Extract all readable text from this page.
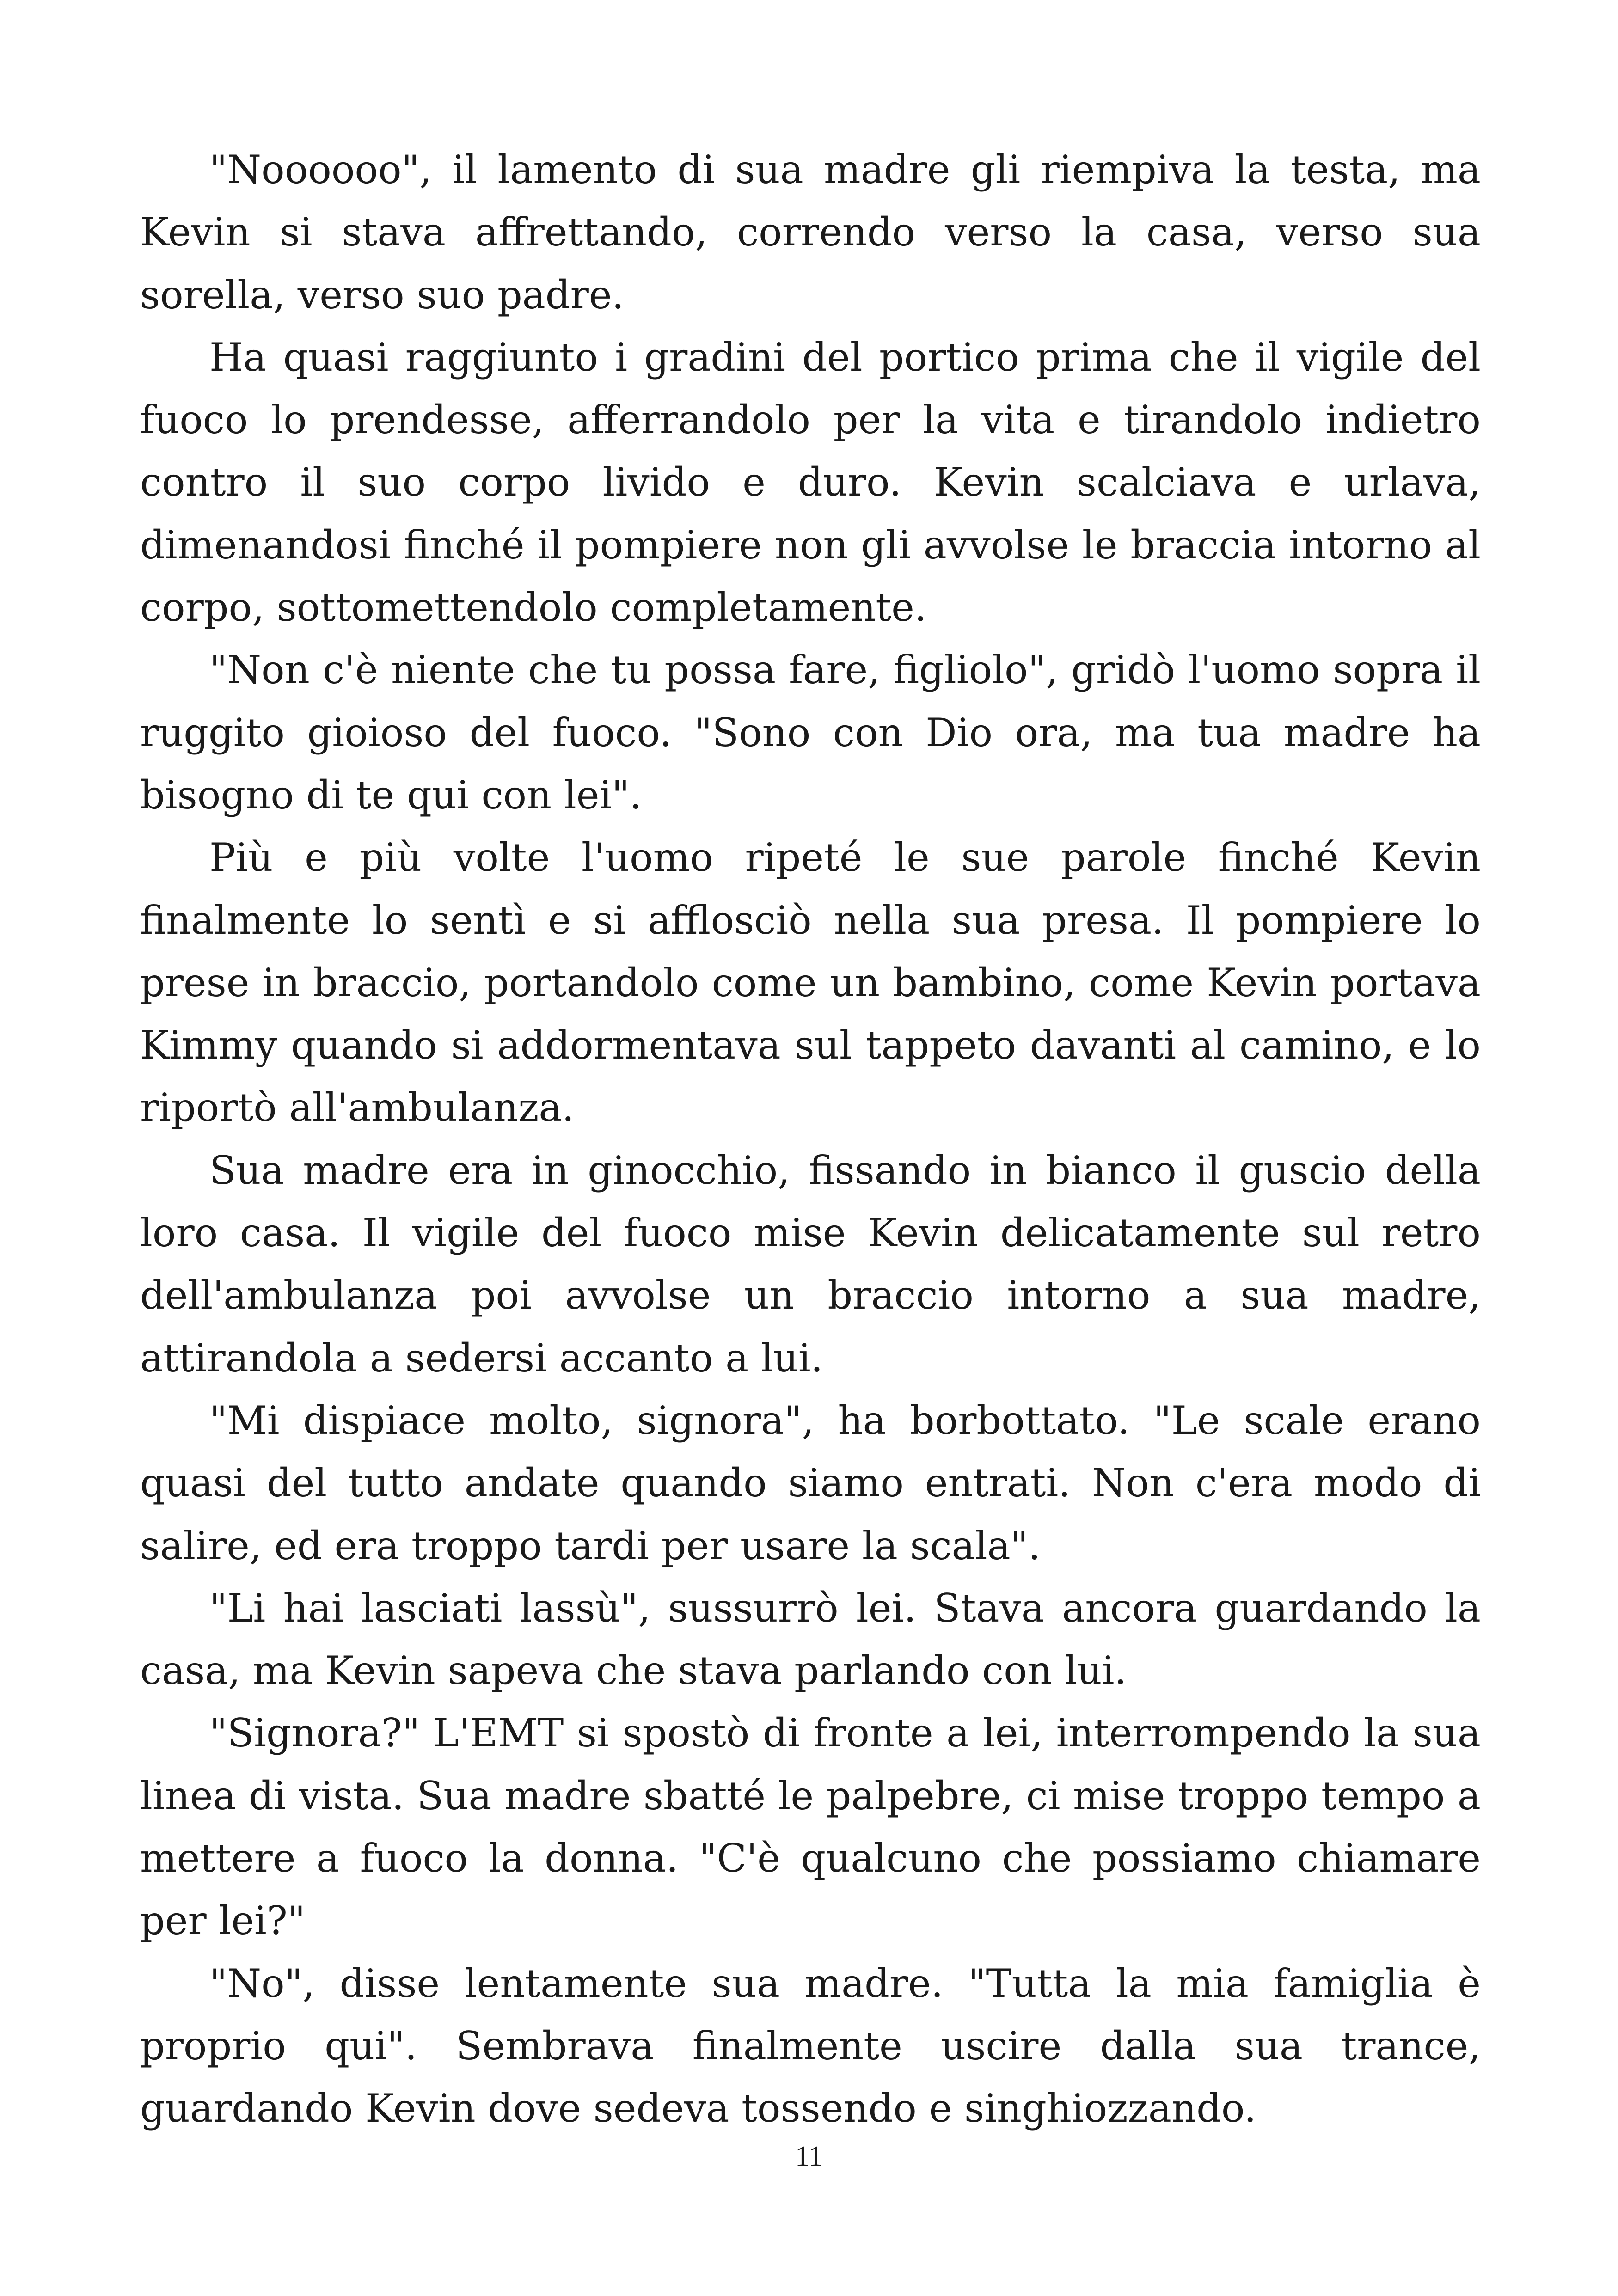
"Noooooo", il lamento di sua madre gli riempiva la testa, ma Kevin si stava affrettando, correndo verso la casa, verso sua sorella, verso suo padre.

Ha quasi raggiunto i gradini del portico prima che il vigile del fuoco lo prendesse, afferrandolo per la vita e tirandolo indietro contro il suo corpo livido e duro. Kevin scalciava e urlava, dimenandosi finché il pompiere non gli avvolse le braccia intorno al corpo, sottomettendolo completamente.

"Non c'è niente che tu possa fare, figliolo", gridò l'uomo sopra il ruggito gioioso del fuoco. "Sono con Dio ora, ma tua madre ha bisogno di te qui con lei".

Più e più volte l'uomo ripeté le sue parole finché Kevin finalmente lo sentì e si afflosciò nella sua presa. Il pompiere lo prese in braccio, portandolo come un bambino, come Kevin portava Kimmy quando si addormentava sul tappeto davanti al camino, e lo riportò all'ambulanza.

Sua madre era in ginocchio, fissando in bianco il guscio della loro casa. Il vigile del fuoco mise Kevin delicatamente sul retro dell'ambulanza poi avvolse un braccio intorno a sua madre, attirandola a sedersi accanto a lui.

"Mi dispiace molto, signora", ha borbottato. "Le scale erano quasi del tutto andate quando siamo entrati. Non c'era modo di salire, ed era troppo tardi per usare la scala".

"Li hai lasciati lassù", sussurrò lei. Stava ancora guardando la casa, ma Kevin sapeva che stava parlando con lui.

"Signora?" L'EMT si spostò di fronte a lei, interrompendo la sua linea di vista. Sua madre sbatté le palpebre, ci mise troppo tempo a mettere a fuoco la donna. "C'è qualcuno che possiamo chiamare per lei?"

"No", disse lentamente sua madre. "Tutta la mia famiglia è proprio qui". Sembrava finalmente uscire dalla sua trance, guardando Kevin dove sedeva tossendo e singhiozzando.

11
